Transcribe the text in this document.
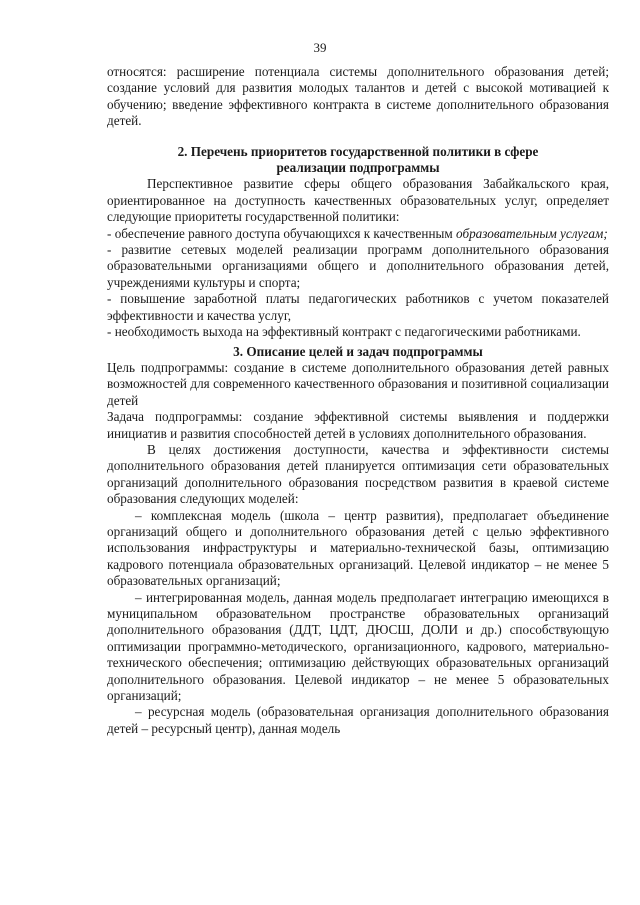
39

относятся: расширение потенциала системы дополнительного образования детей; создание условий для развития молодых талантов и детей с высокой мотивацией к обучению; введение эффективного контракта в системе дополнительного образования детей.

2. Перечень приоритетов государственной политики в сфере
реализации подпрограммы

Перспективное развитие сферы общего образования Забайкальского края, ориентированное на доступность качественных образовательных услуг, определяет следующие приоритеты государственной политики:

- обеспечение равного доступа обучающихся к качественным образовательным услугам;

- развитие сетевых моделей реализации программ дополнительного образования образовательными организациями общего и дополнительного образования детей, учреждениями культуры и спорта;

- повышение заработной платы педагогических работников с учетом показателей эффективности и качества услуг,

- необходимость выхода на эффективный контракт с педагогическими работниками.

3. Описание целей и задач подпрограммы

Цель подпрограммы: создание в системе дополнительного образования детей равных возможностей для современного качественного образования и позитивной социализации детей

Задача подпрограммы: создание эффективной системы выявления и поддержки инициатив и развития способностей детей в условиях дополнительного образования.

В целях достижения доступности, качества и эффективности системы дополнительного образования детей планируется оптимизация сети образовательных организаций дополнительного образования посредством развития в краевой системе образования следующих моделей:

– комплексная модель (школа – центр развития), предполагает объединение организаций общего и дополнительного образования детей с целью эффективного использования инфраструктуры и материально-технической базы, оптимизацию кадрового потенциала образовательных организаций. Целевой индикатор – не менее 5 образовательных организаций;

– интегрированная модель, данная модель предполагает интеграцию имеющихся в муниципальном образовательном пространстве образовательных организаций дополнительного образования (ДДТ, ЦДТ, ДЮСШ, ДОЛИ и др.) способствующую оптимизации программно-методического, организационного, кадрового, материально-технического обеспечения; оптимизацию действующих образовательных организаций дополнительного образования. Целевой индикатор – не менее 5 образовательных организаций;

– ресурсная модель (образовательная организация дополнительного образования детей – ресурсный центр), данная модель
